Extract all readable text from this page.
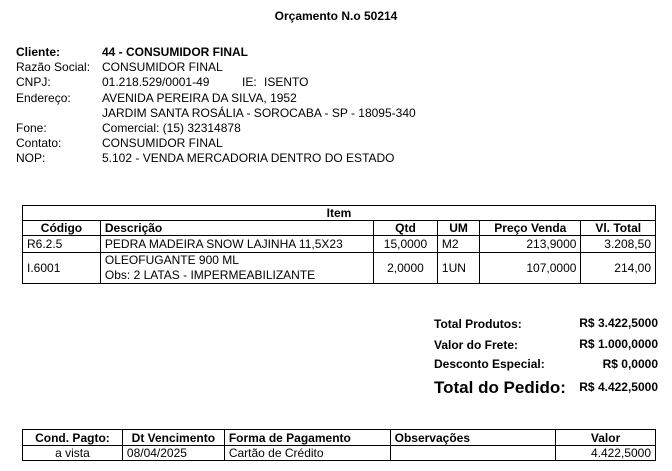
Orçamento N.o 50214
Cliente:	44 - CONSUMIDOR FINAL
Razão Social: CONSUMIDOR FINAL
CNPJ:	01.218.529/0001-49	IE: ISENTO
Endereço:	AVENIDA PEREIRA DA SILVA, 1952
JARDIM SANTA ROSÁLIA - SOROCABA - SP - 18095-340
Fone:	Comercial: (15) 32314878
Contato:	CONSUMIDOR FINAL
NOP:	5.102 - VENDA MERCADORIA DENTRO DO ESTADO
Item					
Código	Descrição	Qtd	UM	Preço Venda	Vl. Total
R6.2.5	PEDRA MADEIRA SNOW LAJINHA 11,5X23	15,0000	M2	213,9000	3.208,50
I.6001	OLEOFUGANTE 900 ML
Obs: 2 LATAS - IMPERMEABILIZANTE	2,0000	1UN	107,0000	214,00
Total Produtos:	R$ 3.422,5000
Valor do Frete:	R$ 1.000,0000
Desconto Especial:	R$ 0,0000
Total do Pedido: R$ 4.422,5000
Cond. Pagto:	Dt Vencimento	Forma de Pagamento	Observações	Valor
a vista	08/04/2025	Cartão de Crédito		4.422,5000
